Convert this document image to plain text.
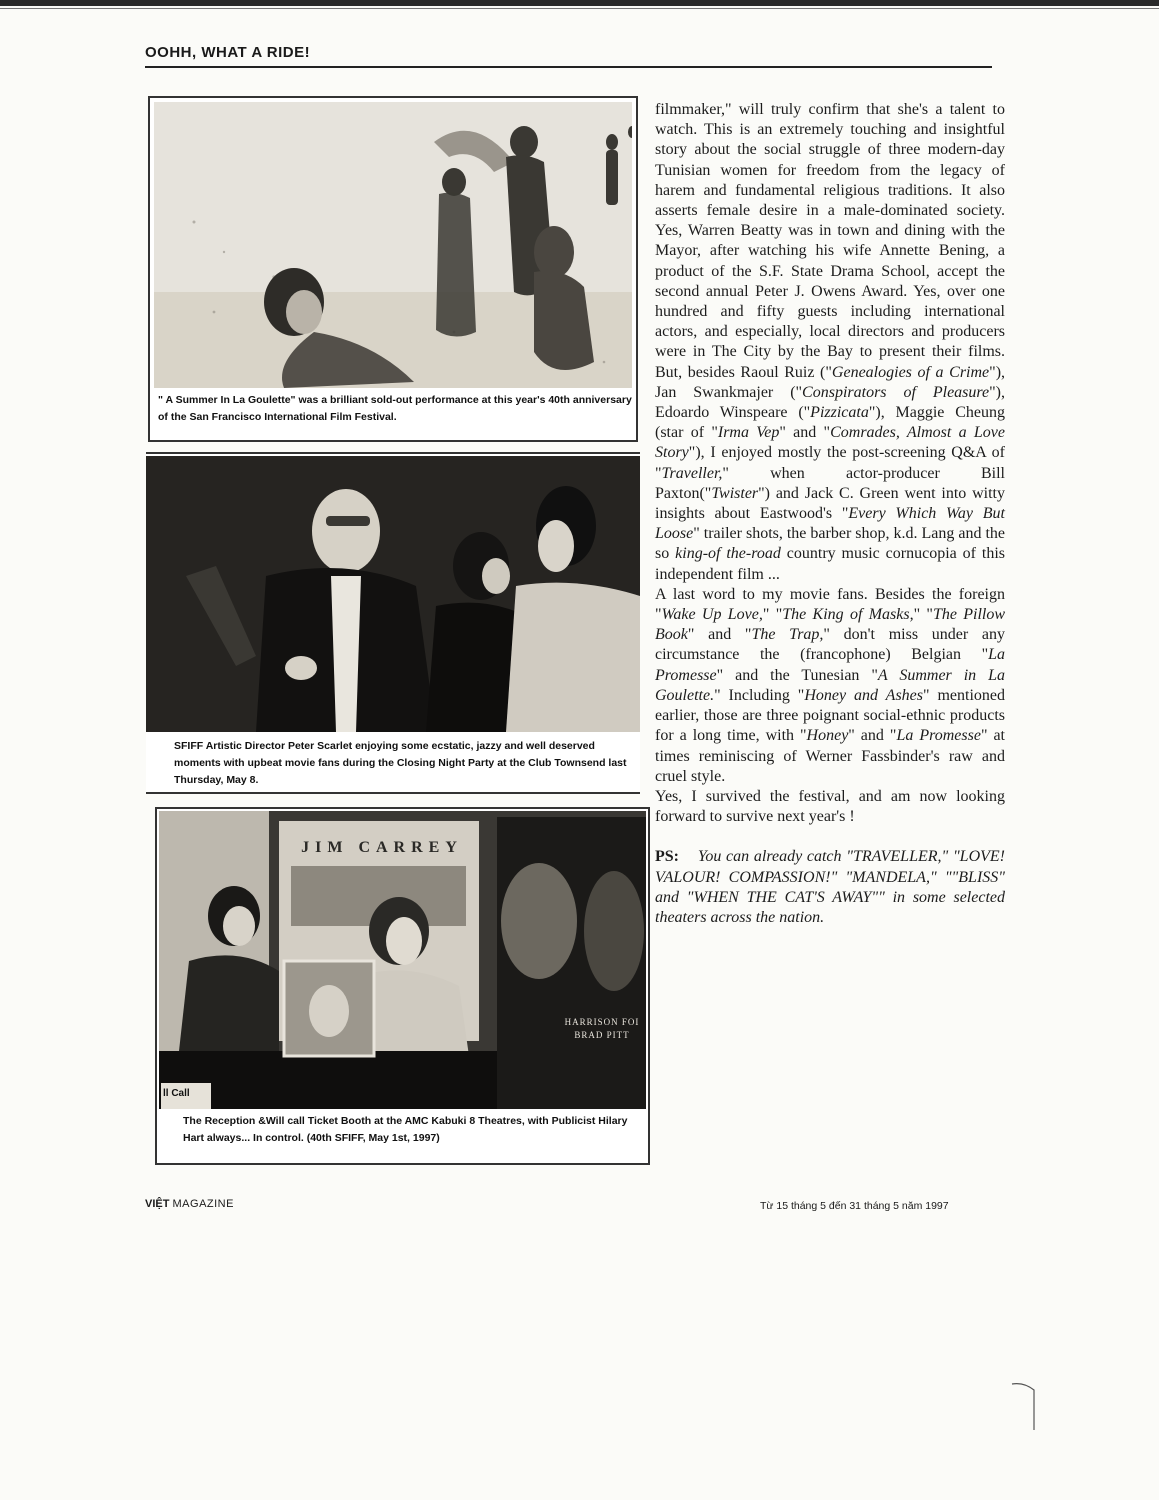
OOHH, WHAT A RIDE!
" A Summer In La Goulette" was a brilliant sold-out performance at this year's 40th anniversary of the San Francisco International Film Festival.
SFIFF Artistic Director Peter Scarlet enjoying some ecstatic, jazzy and well deserved moments with upbeat movie fans during the Closing Night Party at the Club Townsend last Thursday, May 8.
JIM CARREY
HARRISON FOI
BRAD PITT
ll Call
The Reception &Will call Ticket Booth at the AMC Kabuki 8 Theatres, with Publicist Hilary Hart always... In control. (40th SFIFF, May 1st, 1997)

filmmaker," will truly confirm that she's a talent to watch. This is an extremely touching and insightful story about the social struggle of three modern-day Tunisian women for freedom from the legacy of harem and fundamental religious traditions. It also asserts female desire in a male-dominated society. Yes, Warren Beatty was in town and dining with the Mayor, after watching his wife Annette Bening, a product of the S.F. State Drama School, accept the second annual Peter J. Owens Award. Yes, over one hundred and fifty guests including international actors, and especially, local directors and producers were in The City by the Bay to present their films. But, besides Raoul Ruiz ("Genealogies of a Crime"), Jan Swankmajer ("Conspirators of Pleasure"), Edoardo Winspeare ("Pizzicata"), Maggie Cheung (star of "Irma Vep" and "Comrades, Almost a Love Story"), I enjoyed mostly the post-screening Q&A of "Traveller," when actor-producer Bill Paxton("Twister") and Jack C. Green went into witty insights about Eastwood's "Every Which Way But Loose" trailer shots, the barber shop, k.d. Lang and the so king-of the-road country music cornucopia of this independent film ...

A last word to my movie fans. Besides the foreign "Wake Up Love," "The King of Masks," "The Pillow Book" and "The Trap," don't miss under any circumstance the (francophone) Belgian "La Promesse" and the Tunesian "A Summer in La Goulette." Including "Honey and Ashes" mentioned earlier, those are three poignant social-ethnic products for a long time, with "Honey" and "La Promesse" at times reminiscing of Werner Fassbinder's raw and cruel style.

Yes, I survived the festival, and am now looking forward to survive next year's !

PS: You can already catch "TRAVELLER," "LOVE! VALOUR! COMPASSION!" "MANDELA," ""BLISS" and "WHEN THE CAT'S AWAY"" in some selected theaters across the nation.

VIỆT MAGAZINE	Từ 15 tháng 5 đến 31 tháng 5 năm 1997
